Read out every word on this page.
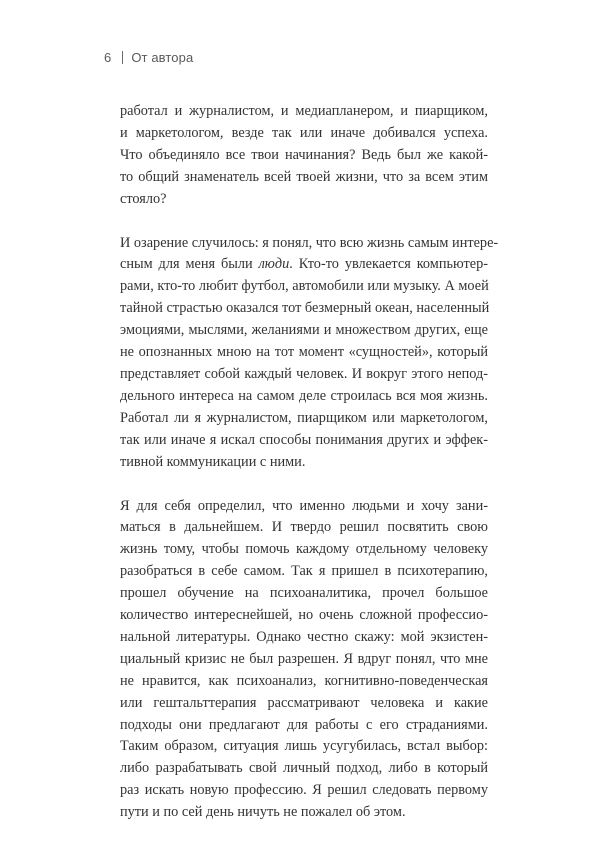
6 От автора
работал и журналистом, и медиапланером, и пиарщиком,
и маркетологом, везде так или иначе добивался успеха.
Что объединяло все твои начинания? Ведь был же какой-
то общий знаменатель всей твоей жизни, что за всем этим
стояло?
И озарение случилось: я понял, что всю жизнь самым интере-
сным для меня были люди. Кто-то увлекается компьютер-
рами, кто-то любит футбол, автомобили или музыку. А моей
тайной страстью оказался тот безмерный океан, населенный
эмоциями, мыслями, желаниями и множеством других, еще
не опознанных мною на тот момент «сущностей», который
представляет собой каждый человек. И вокруг этого непод-
дельного интереса на самом деле строилась вся моя жизнь.
Работал ли я журналистом, пиарщиком или маркетологом,
так или иначе я искал способы понимания других и эффек-
тивной коммуникации с ними.
Я для себя определил, что именно людьми и хочу зани-
маться в дальнейшем. И твердо решил посвятить свою
жизнь тому, чтобы помочь каждому отдельному человеку
разобраться в себе самом. Так я пришел в психотерапию,
прошел обучение на психоаналитика, прочел большое
количество интереснейшей, но очень сложной профессио-
нальной литературы. Однако честно скажу: мой экзистен-
циальный кризис не был разрешен. Я вдруг понял, что мне
не нравится, как психоанализ, когнитивно-поведенческая
или гештальттерапия рассматривают человека и какие
подходы они предлагают для работы с его страданиями.
Таким образом, ситуация лишь усугубилась, встал выбор:
либо разрабатывать свой личный подход, либо в который
раз искать новую профессию. Я решил следовать первому
пути и по сей день ничуть не пожалел об этом.
